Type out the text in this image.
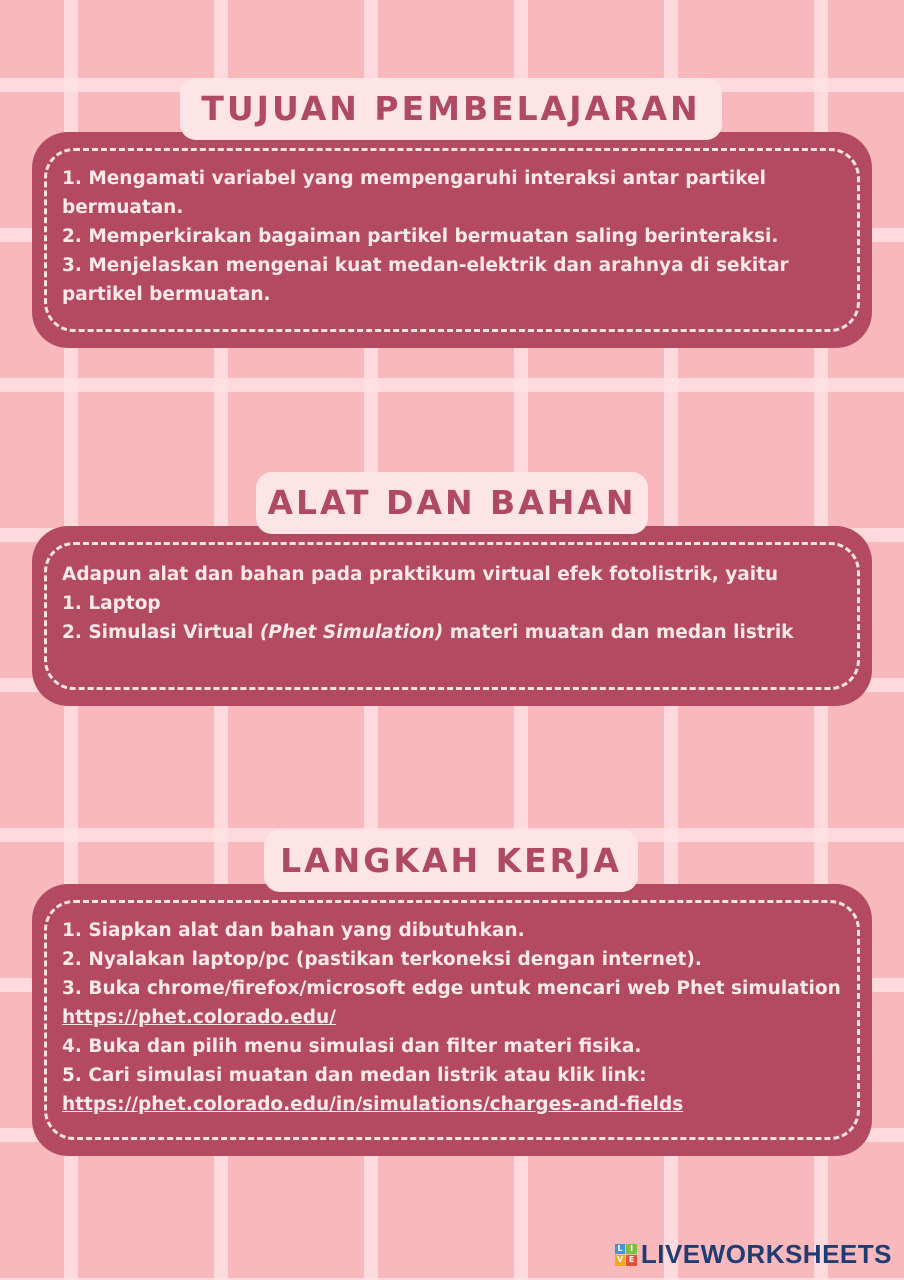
TUJUAN PEMBELAJARAN

1. Mengamati variabel yang mempengaruhi interaksi antar partikel bermuatan.

2. Memperkirakan bagaiman partikel bermuatan saling berinteraksi.

3. Menjelaskan mengenai kuat medan-elektrik dan arahnya di sekitar partikel bermuatan.

ALAT DAN BAHAN

Adapun alat dan bahan pada praktikum virtual efek fotolistrik, yaitu

1. Laptop

2. Simulasi Virtual (Phet Simulation) materi muatan dan medan listrik

LANGKAH KERJA

1. Siapkan alat dan bahan yang dibutuhkan.

2. Nyalakan laptop/pc (pastikan terkoneksi dengan internet).

3. Buka chrome/firefox/microsoft edge untuk mencari web Phet simulation https://phet.colorado.edu/

4. Buka dan pilih menu simulasi dan filter materi fisika.

5. Cari simulasi muatan dan medan listrik atau klik link:

https://phet.colorado.edu/in/simulations/charges-and-fields

L I
V E LIVEWORKSHEETS
